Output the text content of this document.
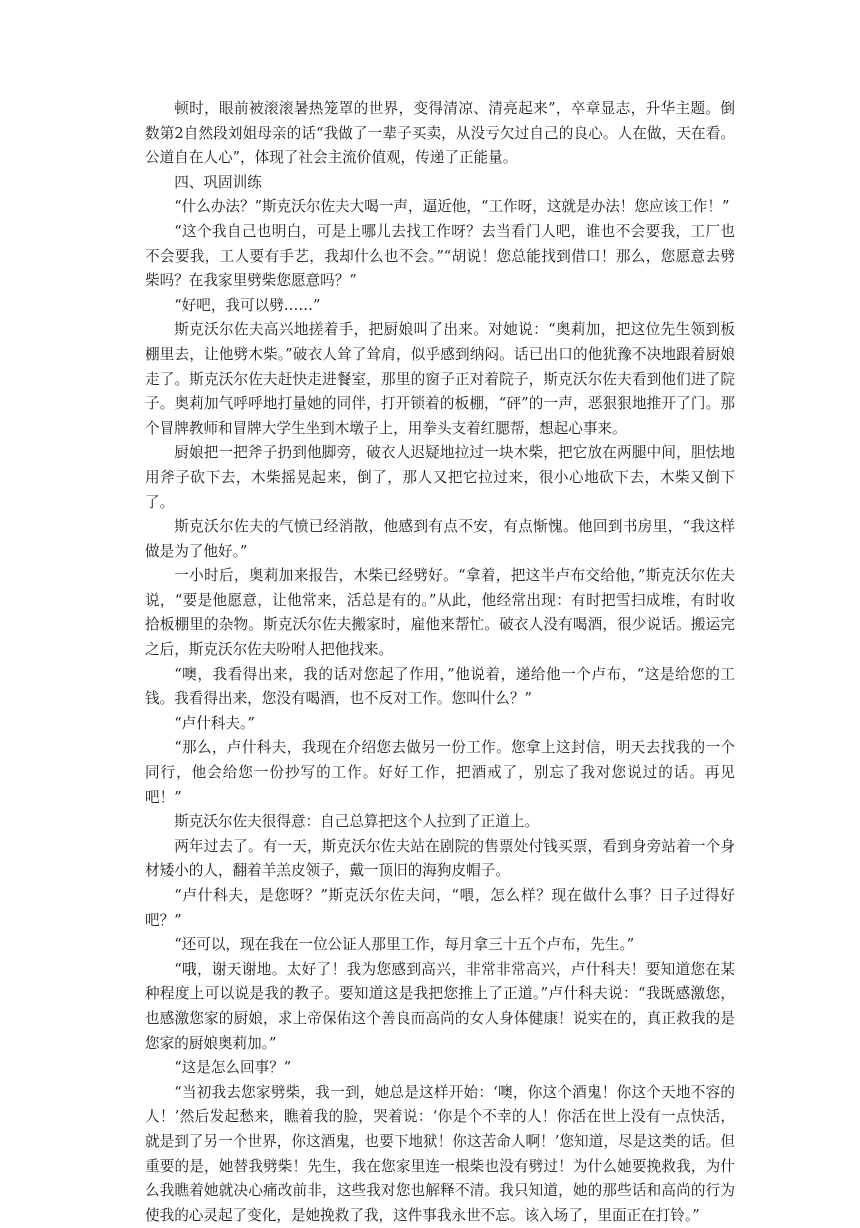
顿时，眼前被滚滚暑热笼罩的世界，变得清凉、清亮起来”，卒章显志，升华主题。倒数第2自然段刘姐母亲的话“我做了一辈子买卖，从没亏欠过自己的良心。人在做，天在看。公道自在人心”，体现了社会主流价值观，传递了正能量。

四、巩固训练

“什么办法？”斯克沃尔佐夫大喝一声，逼近他，“工作呀，这就是办法！您应该工作！”

“这个我自己也明白，可是上哪儿去找工作呀？去当看门人吧，谁也不会要我，工厂也不会要我，工人要有手艺，我却什么也不会。”“胡说！您总能找到借口！那么，您愿意去劈柴吗？在我家里劈柴您愿意吗？”

“好吧，我可以劈……”

斯克沃尔佐夫高兴地搓着手，把厨娘叫了出来。对她说：“奥莉加，把这位先生领到板棚里去，让他劈木柴。”破衣人耸了耸肩，似乎感到纳闷。话已出口的他犹豫不决地跟着厨娘走了。斯克沃尔佐夫赶快走进餐室，那里的窗子正对着院子，斯克沃尔佐夫看到他们进了院子。奥莉加气呼呼地打量她的同伴，打开锁着的板棚，“砰”的一声，恶狠狠地推开了门。那个冒牌教师和冒牌大学生坐到木墩子上，用拳头支着红腮帮，想起心事来。

厨娘把一把斧子扔到他脚旁，破衣人迟疑地拉过一块木柴，把它放在两腿中间，胆怯地用斧子砍下去，木柴摇晃起来，倒了，那人又把它拉过来，很小心地砍下去，木柴又倒下了。

斯克沃尔佐夫的气愤已经消散，他感到有点不安，有点惭愧。他回到书房里，“我这样做是为了他好。”

一小时后，奥莉加来报告，木柴已经劈好。“拿着，把这半卢布交给他，”斯克沃尔佐夫说，“要是他愿意，让他常来，活总是有的。”从此，他经常出现：有时把雪扫成堆，有时收拾板棚里的杂物。斯克沃尔佐夫搬家时，雇他来帮忙。破衣人没有喝酒，很少说话。搬运完之后，斯克沃尔佐夫吩咐人把他找来。

“噢，我看得出来，我的话对您起了作用，”他说着，递给他一个卢布，“这是给您的工钱。我看得出来，您没有喝酒，也不反对工作。您叫什么？”

“卢什科夫。”

“那么，卢什科夫，我现在介绍您去做另一份工作。您拿上这封信，明天去找我的一个同行，他会给您一份抄写的工作。好好工作，把酒戒了，别忘了我对您说过的话。再见吧！”

斯克沃尔佐夫很得意：自己总算把这个人拉到了正道上。

两年过去了。有一天，斯克沃尔佐夫站在剧院的售票处付钱买票，看到身旁站着一个身材矮小的人，翻着羊羔皮领子，戴一顶旧的海狗皮帽子。

“卢什科夫，是您呀？”斯克沃尔佐夫问，“喂，怎么样？现在做什么事？日子过得好吧？”

“还可以，现在我在一位公证人那里工作，每月拿三十五个卢布，先生。”

“哦，谢天谢地。太好了！我为您感到高兴，非常非常高兴，卢什科夫！要知道您在某种程度上可以说是我的教子。要知道这是我把您推上了正道。”卢什科夫说：“我既感激您，也感激您家的厨娘，求上帝保佑这个善良而高尚的女人身体健康！说实在的，真正救我的是您家的厨娘奥莉加。”

“这是怎么回事？”

“当初我去您家劈柴，我一到，她总是这样开始：‘噢，你这个酒鬼！你这个天地不容的人！’然后发起愁来，瞧着我的脸，哭着说：‘你是个不幸的人！你活在世上没有一点快活，就是到了另一个世界，你这酒鬼，也要下地狱！你这苦命人啊！’您知道，尽是这类的话。但重要的是，她替我劈柴！先生，我在您家里连一根柴也没有劈过！为什么她要挽救我，为什么我瞧着她就决心痛改前非，这些我对您也解释不清。我只知道，她的那些话和高尚的行为使我的心灵起了变化，是她挽救了我，这件事我永世不忘。该入场了，里面正在打铃。”
